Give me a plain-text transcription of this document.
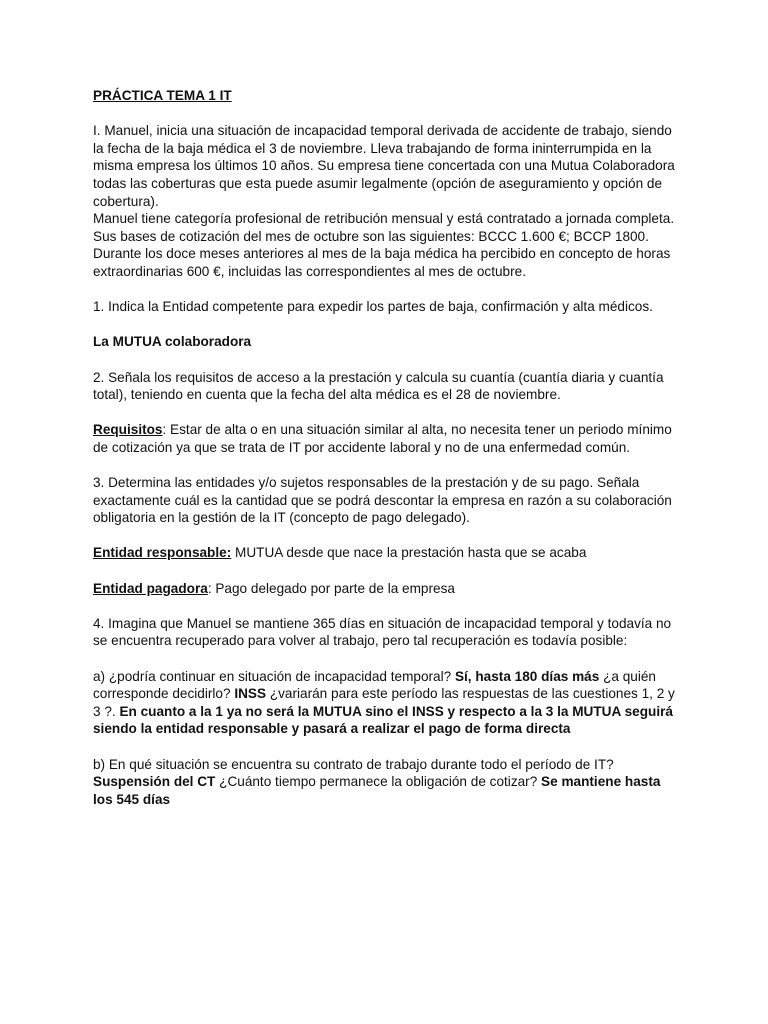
PRÁCTICA TEMA 1 IT

I. Manuel, inicia una situación de incapacidad temporal derivada de accidente de trabajo, siendo la fecha de la baja médica el 3 de noviembre. Lleva trabajando de forma ininterrumpida en la misma empresa los últimos 10 años. Su empresa tiene concertada con una Mutua Colaboradora todas las coberturas que esta puede asumir legalmente (opción de aseguramiento y opción de cobertura).

Manuel tiene categoría profesional de retribución mensual y está contratado a jornada completa. Sus bases de cotización del mes de octubre son las siguientes: BCCC 1.600 €; BCCP 1800. Durante los doce meses anteriores al mes de la baja médica ha percibido en concepto de horas extraordinarias 600 €, incluidas las correspondientes al mes de octubre.

1. Indica la Entidad competente para expedir los partes de baja, confirmación y alta médicos.

La MUTUA colaboradora

2. Señala los requisitos de acceso a la prestación y calcula su cuantía (cuantía diaria y cuantía total), teniendo en cuenta que la fecha del alta médica es el 28 de noviembre.

Requisitos: Estar de alta o en una situación similar al alta, no necesita tener un periodo mínimo de cotización ya que se trata de IT por accidente laboral y no de una enfermedad común.

3. Determina las entidades y/o sujetos responsables de la prestación y de su pago. Señala exactamente cuál es la cantidad que se podrá descontar la empresa en razón a su colaboración obligatoria en la gestión de la IT (concepto de pago delegado).

Entidad responsable: MUTUA desde que nace la prestación hasta que se acaba

Entidad pagadora: Pago delegado por parte de la empresa

4. Imagina que Manuel se mantiene 365 días en situación de incapacidad temporal y todavía no se encuentra recuperado para volver al trabajo, pero tal recuperación es todavía posible:

a) ¿podría continuar en situación de incapacidad temporal? Sí, hasta 180 días más ¿a quién corresponde decidirlo? INSS ¿variarán para este período las respuestas de las cuestiones 1, 2 y 3 ?. En cuanto a la 1 ya no será la MUTUA sino el INSS y respecto a la 3 la MUTUA seguirá siendo la entidad responsable y pasará a realizar el pago de forma directa

b) En qué situación se encuentra su contrato de trabajo durante todo el período de IT? Suspensión del CT ¿Cuánto tiempo permanece la obligación de cotizar? Se mantiene hasta los 545 días
